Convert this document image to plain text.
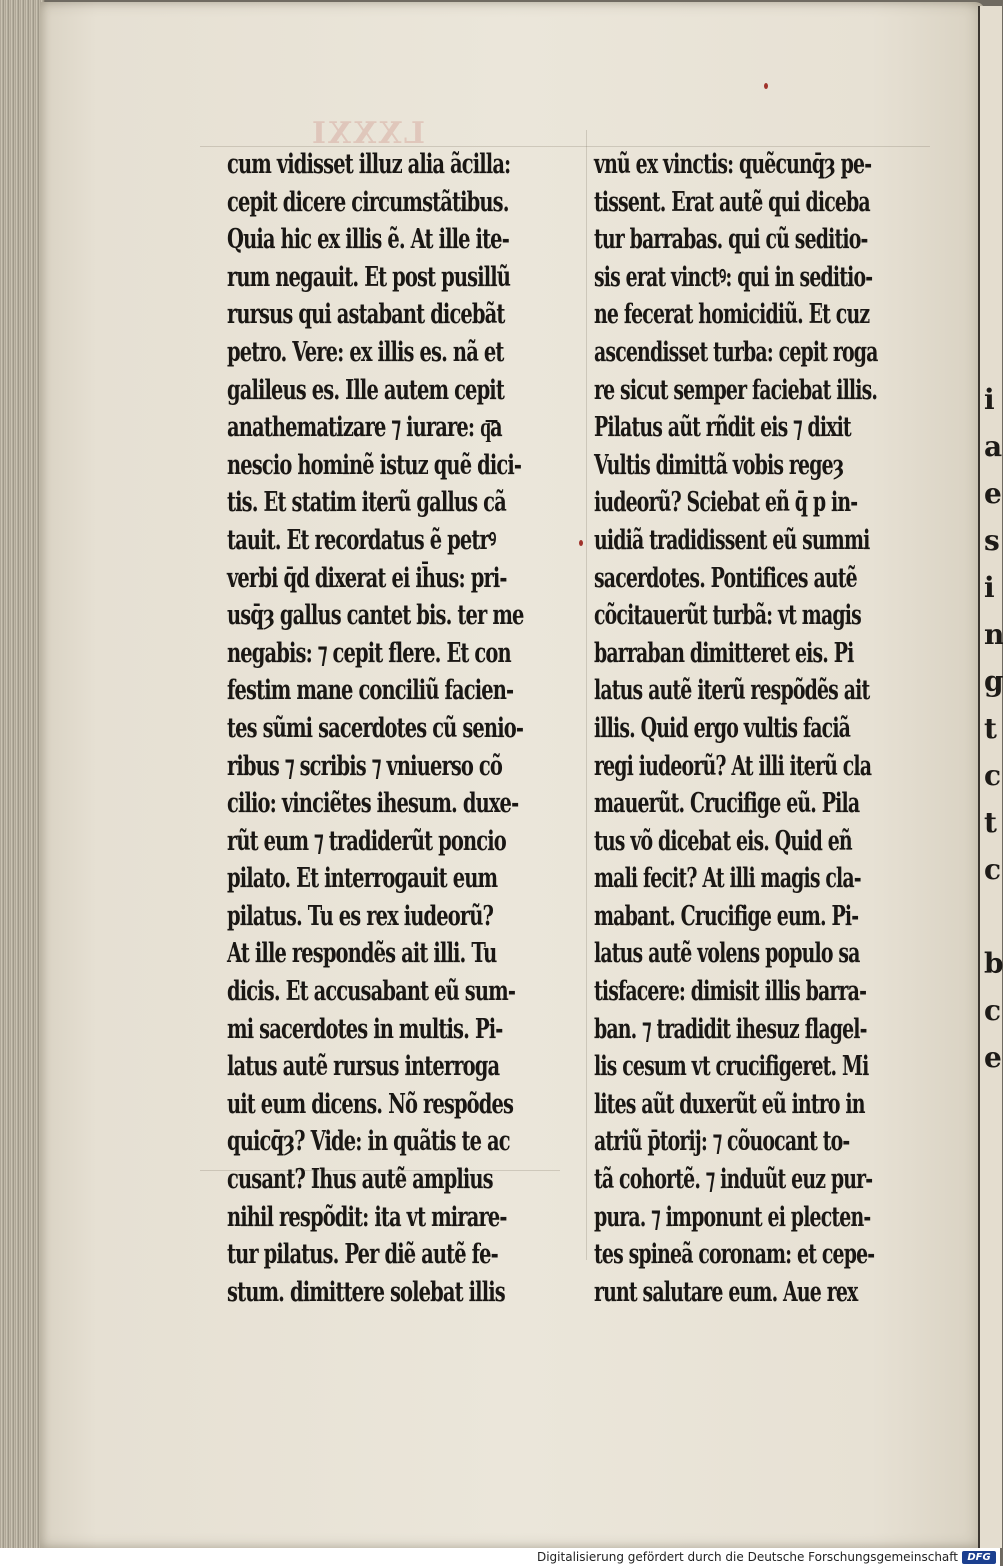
LXXXI
cum vidisset illuz alia ãcilla:
cepit dicere circumstãtibus.
Quia hic ex illis ẽ. At ille ite-
rum negauit. Et post pusillũ
rursus qui astabant dicebãt
petro. Vere: ex illis es. nã et
galileus es. Ille autem cepit
anathematizare ⁊ iurare: q͞a
nescio hominẽ istuz quẽ dici-
tis. Et statim iterũ gallus cã
tauit. Et recordatus ẽ petrꝰ
verbi q̄d dixerat ei ih̄us: pri-
usq̄ȝ gallus cantet bis. ter me
negabis: ⁊ cepit flere. Et con
festim mane conciliũ facien-
tes sũmi sacerdotes cũ senio-
ribus ⁊ scribis ⁊ vniuerso cõ
cilio: vinciẽtes ihesum. duxe-
rũt eum ⁊ tradiderũt poncio
pilato. Et interrogauit eum
pilatus. Tu es rex iudeorũ?
At ille respondẽs ait illi. Tu
dicis. Et accusabant eũ sum-
mi sacerdotes in multis. Pi-
latus autẽ rursus interroga
uit eum dicens. Nõ respõdes
quicq̄ȝ? Vide: in quãtis te ac
cusant? Ihus autẽ amplius
nihil respõdit: ita vt mirare-
tur pilatus. Per diẽ autẽ fe-
stum. dimittere solebat illis
vnũ ex vinctis: quẽcunq̄ȝ pe-
tissent. Erat autẽ qui diceba
tur barrabas. qui cũ seditio-
sis erat vinctꝰ: qui in seditio-
ne fecerat homicidiũ. Et cuz
ascendisset turba: cepit roga
re sicut semper faciebat illis.
Pilatus aũt rñdit eis ⁊ dixit
Vultis dimittã vobis regeȝ
iudeorũ? Sciebat eñ q̄ p in-
uidiã tradidissent eũ summi
sacerdotes. Pontifices autẽ
cõcitauerũt turbã: vt magis
barraban dimitteret eis. Pi
latus autẽ iterũ respõdẽs ait
illis. Quid ergo vultis faciã
regi iudeorũ? At illi iterũ cla
mauerũt. Crucifige eũ. Pila
tus võ dicebat eis. Quid eñ
mali fecit? At illi magis cla-
mabant. Crucifige eum. Pi-
latus autẽ volens populo sa
tisfacere: dimisit illis barra-
ban. ⁊ tradidit ihesuz flagel-
lis cesum vt crucifigeret. Mi
lites aũt duxerũt eũ intro in
atriũ p̄torij: ⁊ cõuocant to-
tã cohortẽ. ⁊ induũt euz pur-
pura. ⁊ imponunt ei plecten-
tes spineã coronam: et cepe-
runt salutare eum. Aue rex
i
a
e
s
i
n
g
t
c
t
c

b
c
e
Digitalisierung gefördert durch die Deutsche Forschungsgemeinschaft DFG
